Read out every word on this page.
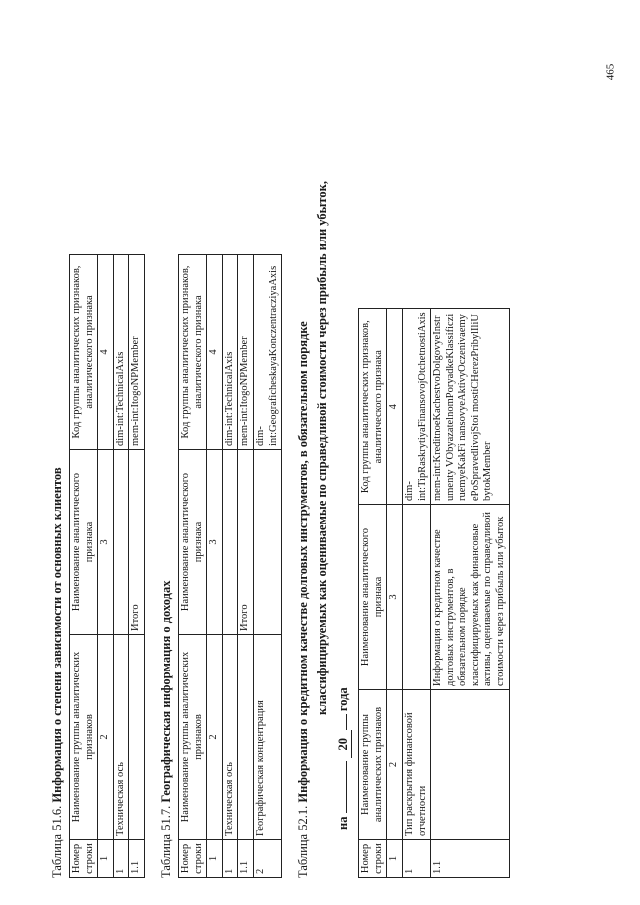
465
Таблица 51.6. Информация о степени зависимости от основных клиентов
Номер строки	Наименование группы аналитических признаков	Наименование аналитического признака	Код группы аналитических признаков, аналитического признака
1	2	3	4
1	Техническая ось		dim-int:TechnicalAxis
1.1		Итого	mem-int:ItogoNPMember
Таблица 51.7. Географическая информация о доходах
Номер строки	Наименование группы аналитических признаков	Наименование аналитического признака	Код группы аналитических признаков, аналитического признака
1	2	3	4
1	Техническая ось		dim-int:TechnicalAxis
1.1		Итого	mem-int:ItogoNPMember
2	Географическая концентрация		dim-int:GeograficheskayaKonczentracziyaAxis
Таблица 52.1. Информация о кредитном качестве долговых инструментов, в обязательном порядке классифицируемых как оцениваемые по справедливой стоимости через прибыль или убыток,
на  20 года
Номер строки	Наименование группы аналитических признаков	Наименование аналитического признака	Код группы аналитических признаков, аналитического признака
1	2	3	4
1	Тип раскрытия финансовой отчетности		dim-int:TipRaskrytiyaFinansovojOtchetnostiAxis
1.1		Информация о кредитном качестве долговых инструментов, в обязательном порядке классифицируемых как финансовые активы, оцениваемые по справедливой стоимости через прибыль или убыток	mem-int:KreditnoeKachestvoDolgovyeInstrumenty VObyazatelnomPoryadkeKlassificziruemyeKakFi nansovyeAktivyOczenivaemyePoSpravedlivojStoi mostiCHerezPribylIliUbytokMember
